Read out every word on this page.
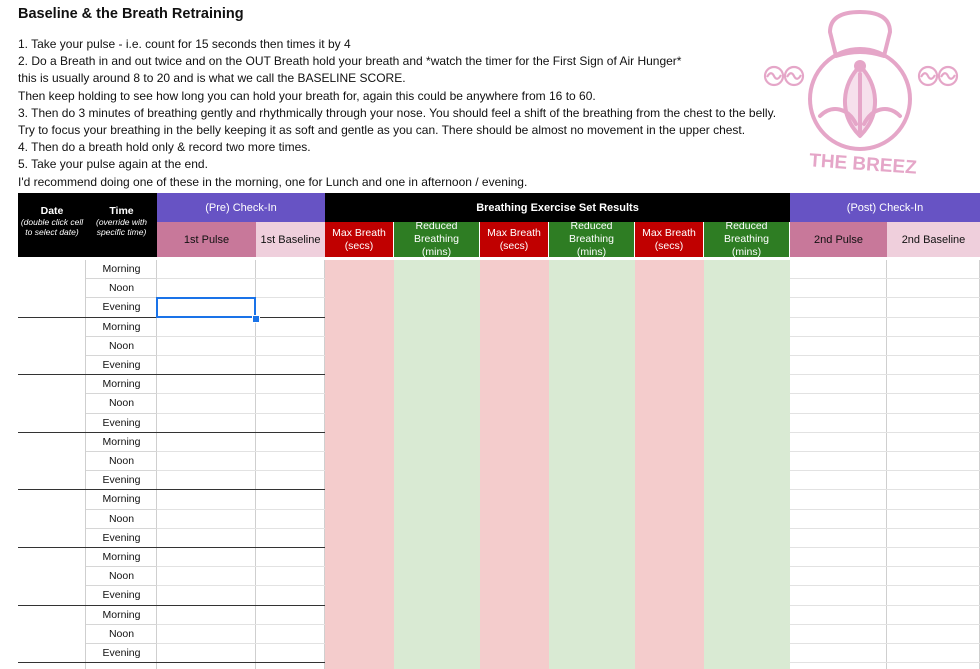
Baseline & the Breath Retraining
1. Take your pulse - i.e. count for 15 seconds then times it by 4
2. Do a Breath in and out twice and on the OUT Breath hold your breath and *watch the timer for the First Sign of Air Hunger*
this is usually around 8 to 20 and is what we call the BASELINE SCORE.
Then keep holding to see how long you can hold your breath for, again this could be anywhere from 16 to 60.
3. Then do 3 minutes of breathing gently and rhythmically through your nose. You should feel a shift of the breathing from the chest to the belly.
Try to focus your breathing in the belly keeping it as soft and gentle as you can. There should be almost no movement in the upper chest.
4. Then do a breath hold only & record two more times.
5. Take your pulse again at the end.
I'd recommend doing one of these in the morning, one for Lunch and one in afternoon / evening.
THE BREEZ
Date
(double click cell
to select date)
Time
(override with
specific time)
(Pre) Check-In
1st Pulse	1st Baseline
Breathing Exercise Set Results
Max Breath
(secs)
Reduced Breathing
(mins)
Max Breath
(secs)
Reduced Breathing
(mins)
Max Breath
(secs)
Reduced Breathing
(mins)
(Post) Check-In
2nd Pulse	2nd Baseline
Morning
Noon
Evening
Morning
Noon
Evening
Morning
Noon
Evening
Morning
Noon
Evening
Morning
Noon
Evening
Morning
Noon
Evening
Morning
Noon
Evening
